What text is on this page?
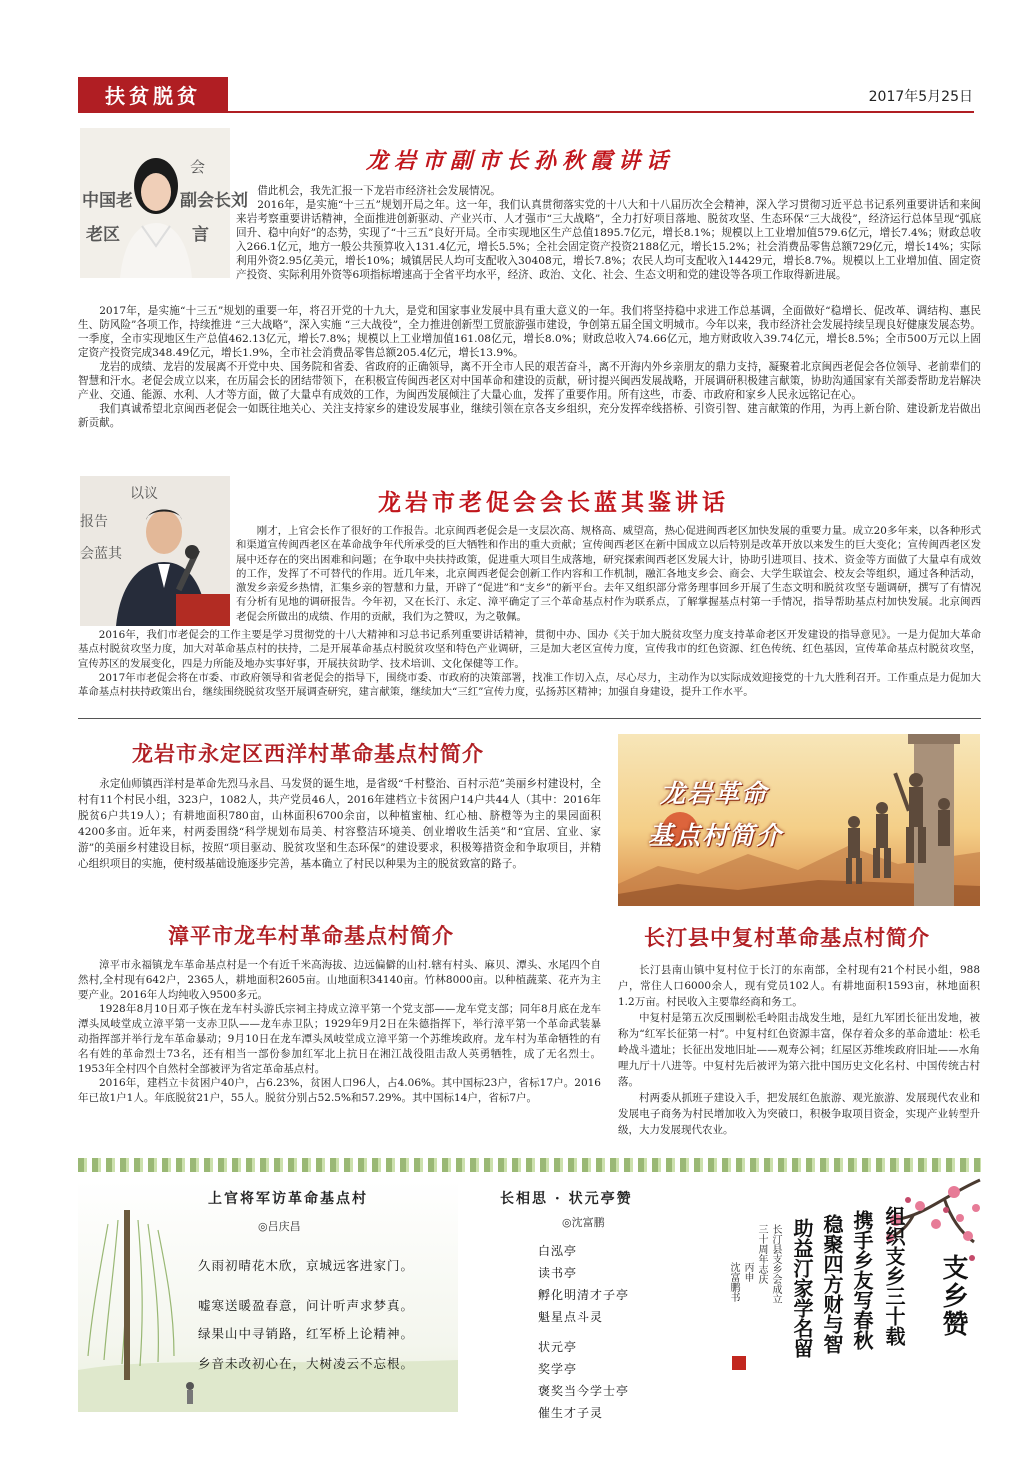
扶贫脱贫	2017年5月25日
会
中国老	副会长刘
老区	言
龙岩市副市长孙秋霞讲话

借此机会，我先汇报一下龙岩市经济社会发展情况。

2016年，是实施“十三五”规划开局之年。这一年，我们认真贯彻落实党的十八大和十八届历次全会精神，深入学习贯彻习近平总书记系列重要讲话和来闽来岩考察重要讲话精神，全面推进创新驱动、产业兴市、人才强市“三大战略”，全力打好项目落地、脱贫攻坚、生态环保“三大战役”，经济运行总体呈现“弧底回升、稳中向好”的态势，实现了“十三五”良好开局。全市实现地区生产总值1895.7亿元，增长8.1%；规模以上工业增加值579.6亿元，增长7.4%；财政总收入266.1亿元，地方一般公共预算收入131.4亿元，增长5.5%；全社会固定资产投资2188亿元，增长15.2%；社会消费品零售总额729亿元，增长14%；实际利用外资2.95亿美元，增长10%；城镇居民人均可支配收入30408元，增长7.8%；农民人均可支配收入14429元，增长8.7%。规模以上工业增加值、固定资产投资、实际利用外资等6项指标增速高于全省平均水平，经济、政治、文化、社会、生态文明和党的建设等各项工作取得新进展。

2017年，是实施“十三五”规划的重要一年，将召开党的十九大，是党和国家事业发展中具有重大意义的一年。我们将坚持稳中求进工作总基调，全面做好“稳增长、促改革、调结构、惠民生、防风险”各项工作，持续推进 “三大战略”，深入实施 “三大战役”，全力推进创新型工贸旅游强市建设，争创第五届全国文明城市。今年以来，我市经济社会发展持续呈现良好健康发展态势。一季度，全市实现地区生产总值462.13亿元，增长7.8%；规模以上工业增加值161.08亿元，增长8.0%；财政总收入74.66亿元，地方财政收入39.74亿元，增长8.5%；全市500万元以上固定资产投资完成348.49亿元，增长1.9%，全市社会消费品零售总额205.4亿元，增长13.9%。

龙岩的成绩、龙岩的发展离不开党中央、国务院和省委、省政府的正确领导，离不开全市人民的艰苦奋斗，离不开海内外乡亲朋友的鼎力支持，凝聚着北京闽西老促会各位领导、老前辈们的智慧和汗水。老促会成立以来，在历届会长的团结带领下，在积极宣传闽西老区对中国革命和建设的贡献，研讨提兴闽西发展战略，开展调研积极建言献策，协助沟通国家有关部委帮助龙岩解决产业、交通、能源、水利、人才等方面，做了大量卓有成效的工作，为闽西发展倾注了大量心血，发挥了重要作用。所有这些，市委、市政府和家乡人民永远铭记在心。

我们真诚希望北京闽西老促会一如既往地关心、关注支持家乡的建设发展事业，继续引领在京各支乡组织，充分发挥牵线搭桥、引资引智、建言献策的作用，为再上新台阶、建设新龙岩做出新贡献。

以议
报告
会蓝其
龙岩市老促会会长蓝其鉴讲话

刚才，上官会长作了很好的工作报告。北京闽西老促会是一支层次高、规格高、威望高，热心促进闽西老区加快发展的重要力量。成立20多年来，以各种形式和渠道宣传闽西老区在革命战争年代所承受的巨大牺牲和作出的重大贡献；宣传闽西老区在新中国成立以后特别是改革开放以来发生的巨大变化；宣传闽西老区发展中还存在的突出困难和问题；在争取中央扶持政策，促进重大项目生成落地，研究探索闽西老区发展大计，协助引进项目、技术、资金等方面做了大量卓有成效的工作，发挥了不可替代的作用。近几年来，北京闽西老促会创新工作内容和工作机制，融汇各地支乡会、商会、大学生联谊会、校友会等组织，通过各种活动，激发乡亲爱乡热情，汇集乡亲的智慧和力量，开辟了“促进”和“支乡”的新平台。去年又组织部分常务理事回乡开展了生态文明和脱贫攻坚专题调研，撰写了有情况有分析有见地的调研报告。今年初，又在长汀、永定、漳平确定了三个革命基点村作为联系点，了解掌握基点村第一手情况，指导帮助基点村加快发展。北京闽西老促会所做出的成绩、作用的贡献，我们为之赞叹，为之敬佩。

2016年，我们市老促会的工作主要是学习贯彻党的十八大精神和习总书记系列重要讲话精神，贯彻中办、国办《关于加大脱贫攻坚力度支持革命老区开发建设的指导意见》。一是力促加大革命基点村脱贫攻坚力度，加大对革命基点村的扶持，二是开展革命基点村脱贫攻坚和特色产业调研，三是加大老区宣传力度，宣传我市的红色资源、红色传统、红色基因，宣传革命基点村脱贫攻坚，宣传苏区的发展变化，四是力所能及地办实事好事，开展扶贫助学、技术培训、文化保健等工作。

2017年市老促会将在市委、市政府领导和省老促会的指导下，围绕市委、市政府的决策部署，找准工作切入点，尽心尽力，主动作为以实际成效迎接党的十九大胜利召开。工作重点是力促加大革命基点村扶持政策出台，继续围绕脱贫攻坚开展调查研究，建言献策，继续加大“三红”宣传力度，弘扬苏区精神；加强自身建设，提升工作水平。

龙岩市永定区西洋村革命基点村简介

永定仙师镇西洋村是革命先烈马永昌、马发贤的诞生地，是省级“千村整治、百村示范”美丽乡村建设村，全村有11个村民小组，323户，1082人，共产党员46人，2016年建档立卡贫困户14户共44人（其中：2016年脱贫6户共19人）；有耕地面积780亩，山林面积6700余亩，以种植蜜柚、红心柚、脐橙等为主的果园面积4200多亩。近年来，村两委围绕“科学规划布局美、村容整洁环境美、创业增收生活美”和“宜居、宜业、家游”的美丽乡村建设目标，按照“项目驱动、脱贫攻坚和生态环保”的建设要求，积极筹措资金和争取项目，并精心组织项目的实施，使村级基础设施逐步完善，基本确立了村民以种果为主的脱贫致富的路子。

漳平市龙车村革命基点村简介

漳平市永福镇龙车革命基点村是一个有近千米高海拔、边远偏僻的山村.辖有村头、麻贝、潭头、水尾四个自然村,全村现有642户，2365人，耕地面积2605亩。山地面积34140亩。竹林8000亩。以种植蔬菜、花卉为主要产业。2016年人均纯收入9500多元。

1928年8月10日邓子恢在龙车村头游氏宗祠主持成立漳平第一个党支部——龙车党支部；同年8月底在龙车潭头凤岐堂成立漳平第一支赤卫队——龙车赤卫队；1929年9月2日在朱德指挥下，举行漳平第一个革命武装暴动指挥部并举行龙车革命暴动；9月10日在龙车潭头凤岐堂成立漳平第一个苏维埃政府。龙车村为革命牺牲的有名有姓的革命烈士73名，还有相当一部份参加红军北上抗日在湘江战役阻击敌人英勇牺牲，成了无名烈士。1953年全村四个自然村全部被评为省定革命基点村。

2016年，建档立卡贫困户40户，占6.23%，贫困人口96人，占4.06%。其中国标23户，省标17户。2016年已故1户1人。年底脱贫21户，55人。脱贫分别占52.5%和57.29%。其中国标14户，省标7户。

龙岩革命
基点村简介
长汀县中复村革命基点村简介

长汀县南山镇中复村位于长汀的东南部，全村现有21个村民小组，988户，常住人口6000余人，现有党员102人。有耕地面积1593亩，林地面积1.2万亩。村民收入主要靠经商和务工。

中复村是第五次反围剿松毛岭阻击战发生地，是红九军团长征出发地，被称为“红军长征第一村”。中复村红色资源丰富，保存着众多的革命遗址：松毛岭战斗遗址；长征出发地旧址——观寿公祠；红屋区苏维埃政府旧址——水角哩九厅十八进等。中复村先后被评为第六批中国历史文化名村、中国传统古村落。

村两委从抓班子建设入手，把发展红色旅游、观光旅游、发展现代农业和发展电子商务为村民增加收入为突破口，积极争取项目资金，实现产业转型升级，大力发展现代农业。

上官将军访革命基点村
◎吕庆昌
久雨初晴花木欣，京城远客进家门。
嘘寒送暖盈春意，问计听声求梦真。
绿果山中寻销路，红军桥上论精神。
乡音未改初心在，大树凌云不忘根。
长相思 · 状元亭赞
◎沈富鹏
白泓亭
读书亭
孵化明清才子亭
魁星点斗灵
状元亭
奖学亭
褒奖当今学士亭
催生才子灵
支乡赞
组织支乡三十载
携手乡友写春秋
稳聚四方财与智
助益汀家学名留
长汀县支乡会成立
三十周年志庆
丙申
沈富鹏书
